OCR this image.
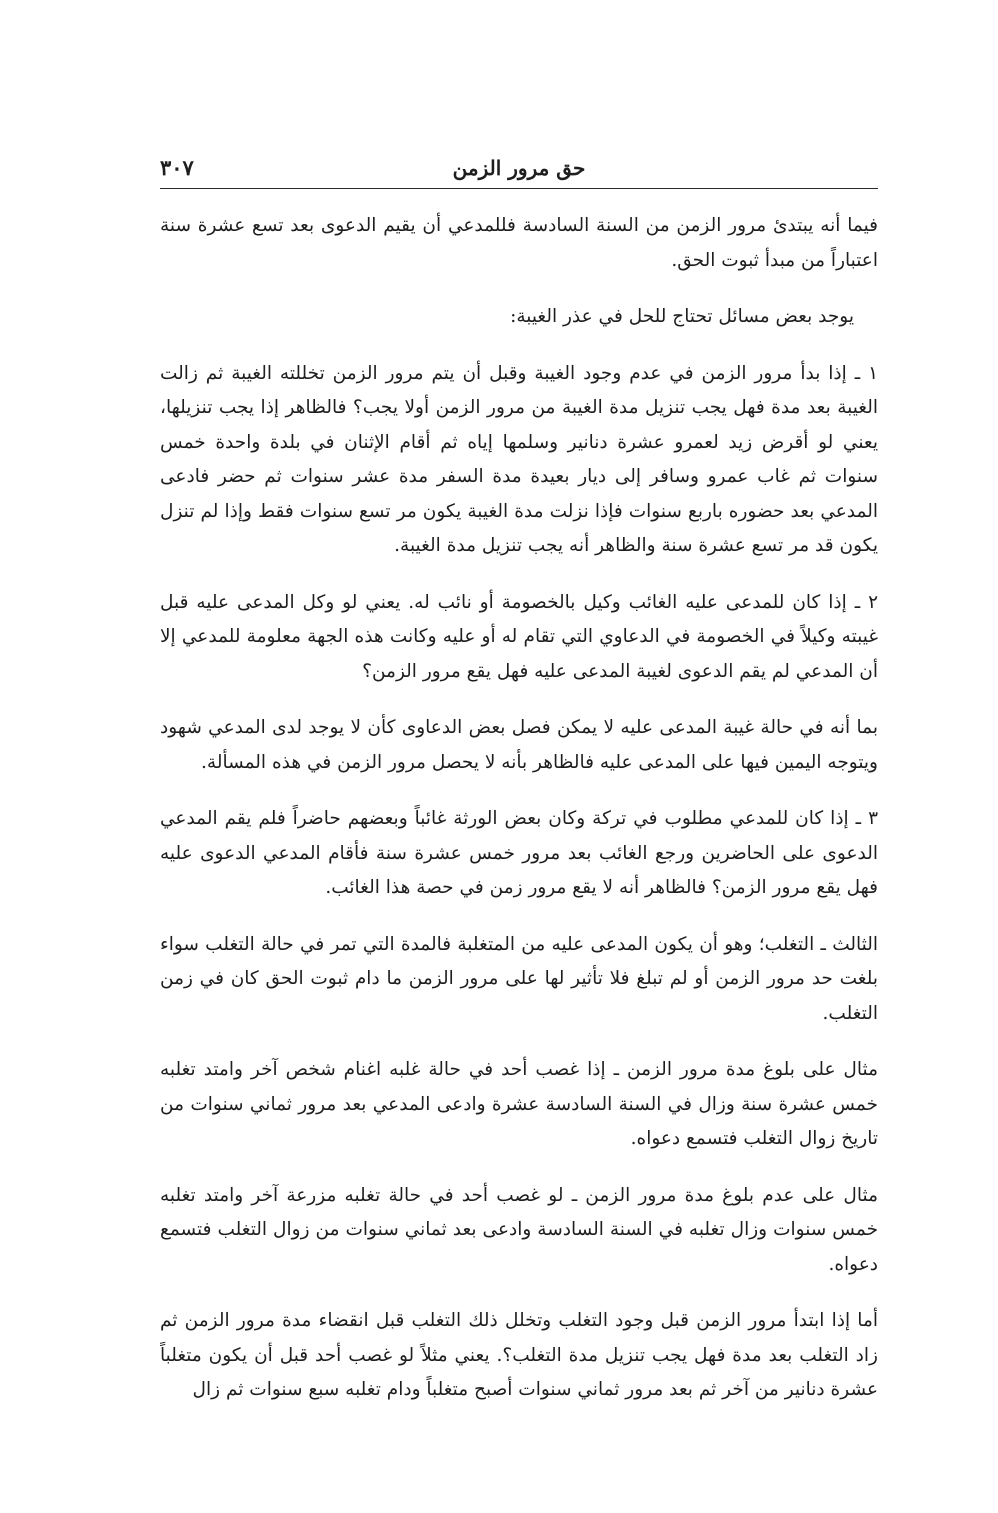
حق مرور الزمن
٣٠٧

فيما أنه يبتدئ مرور الزمن من السنة السادسة فللمدعي أن يقيم الدعوى بعد تسع عشرة سنة اعتباراً من مبدأ ثبوت الحق.

يوجد بعض مسائل تحتاج للحل في عذر الغيبة:

١ ـ إذا بدأ مرور الزمن في عدم وجود الغيبة وقبل أن يتم مرور الزمن تخللته الغيبة ثم زالت الغيبة بعد مدة فهل يجب تنزيل مدة الغيبة من مرور الزمن أولا يجب؟ فالظاهر إذا يجب تنزيلها، يعني لو أقرض زيد لعمرو عشرة دنانير وسلمها إياه ثم أقام الإثنان في بلدة واحدة خمس سنوات ثم غاب عمرو وسافر إلى ديار بعيدة مدة السفر مدة عشر سنوات ثم حضر فادعى المدعي بعد حضوره باربع سنوات فإذا نزلت مدة الغيبة يكون مر تسع سنوات فقط وإذا لم تنزل يكون قد مر تسع عشرة سنة والظاهر أنه يجب تنزيل مدة الغيبة.

٢ ـ إذا كان للمدعى عليه الغائب وكيل بالخصومة أو نائب له. يعني لو وكل المدعى عليه قبل غيبته وكيلاً في الخصومة في الدعاوي التي تقام له أو عليه وكانت هذه الجهة معلومة للمدعي إلا أن المدعي لم يقم الدعوى لغيبة المدعى عليه فهل يقع مرور الزمن؟

بما أنه في حالة غيبة المدعى عليه لا يمكن فصل بعض الدعاوى كأن لا يوجد لدى المدعي شهود ويتوجه اليمين فيها على المدعى عليه فالظاهر بأنه لا يحصل مرور الزمن في هذه المسألة.

٣ ـ إذا كان للمدعي مطلوب في تركة وكان بعض الورثة غائباً وبعضهم حاضراً فلم يقم المدعي الدعوى على الحاضرين ورجع الغائب بعد مرور خمس عشرة سنة فأقام المدعي الدعوى عليه فهل يقع مرور الزمن؟ فالظاهر أنه لا يقع مرور زمن في حصة هذا الغائب.

الثالث ـ التغلب؛ وهو أن يكون المدعى عليه من المتغلبة فالمدة التي تمر في حالة التغلب سواء بلغت حد مرور الزمن أو لم تبلغ فلا تأثير لها على مرور الزمن ما دام ثبوت الحق كان في زمن التغلب.

مثال على بلوغ مدة مرور الزمن ـ إذا غصب أحد في حالة غلبه اغنام شخص آخر وامتد تغلبه خمس عشرة سنة وزال في السنة السادسة عشرة وادعى المدعي بعد مرور ثماني سنوات من تاريخ زوال التغلب فتسمع دعواه.

مثال على عدم بلوغ مدة مرور الزمن ـ لو غصب أحد في حالة تغلبه مزرعة آخر وامتد تغلبه خمس سنوات وزال تغلبه في السنة السادسة وادعى بعد ثماني سنوات من زوال التغلب فتسمع دعواه.

أما إذا ابتدأ مرور الزمن قبل وجود التغلب وتخلل ذلك التغلب قبل انقضاء مدة مرور الزمن ثم زاد التغلب بعد مدة فهل يجب تنزيل مدة التغلب؟. يعني مثلاً لو غصب أحد قبل أن يكون متغلباً عشرة دنانير من آخر ثم بعد مرور ثماني سنوات أصبح متغلباً ودام تغلبه سبع سنوات ثم زال
